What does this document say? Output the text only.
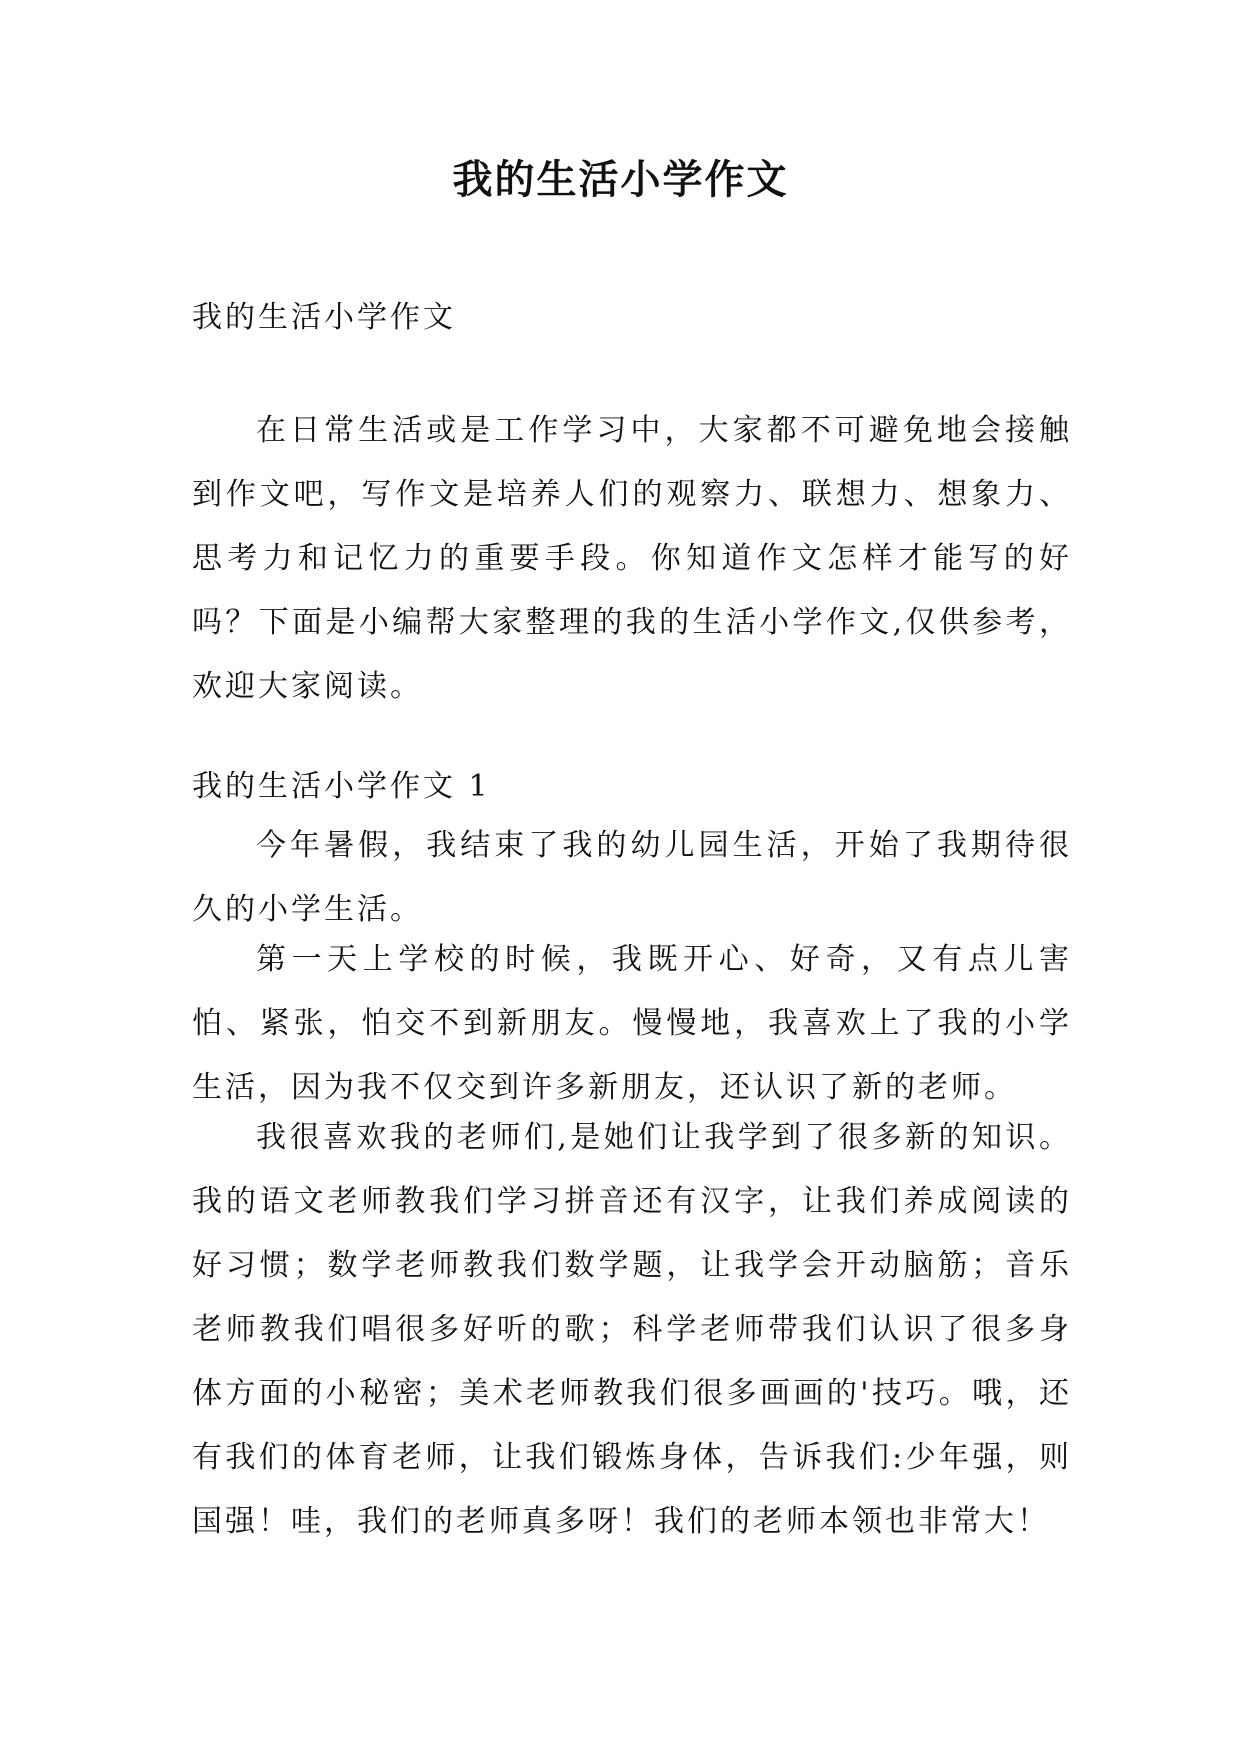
我的生活小学作文
我的生活小学作文
在日常生活或是工作学习中，大家都不可避免地会接触到作文吧，写作文是培养人们的观察力、联想力、想象力、思考力和记忆力的重要手段。你知道作文怎样才能写的好吗？下面是小编帮大家整理的我的生活小学作文,仅供参考，欢迎大家阅读。
我的生活小学作文 1
今年暑假，我结束了我的幼儿园生活，开始了我期待很久的小学生活。
第一天上学校的时候，我既开心、好奇，又有点儿害怕、紧张，怕交不到新朋友。慢慢地，我喜欢上了我的小学生活，因为我不仅交到许多新朋友，还认识了新的老师。
我很喜欢我的老师们,是她们让我学到了很多新的知识。我的语文老师教我们学习拼音还有汉字，让我们养成阅读的好习惯；数学老师教我们数学题，让我学会开动脑筋；音乐老师教我们唱很多好听的歌；科学老师带我们认识了很多身体方面的小秘密；美术老师教我们很多画画的'技巧。哦，还有我们的体育老师，让我们锻炼身体，告诉我们:少年强，则国强！哇，我们的老师真多呀！我们的老师本领也非常大！
